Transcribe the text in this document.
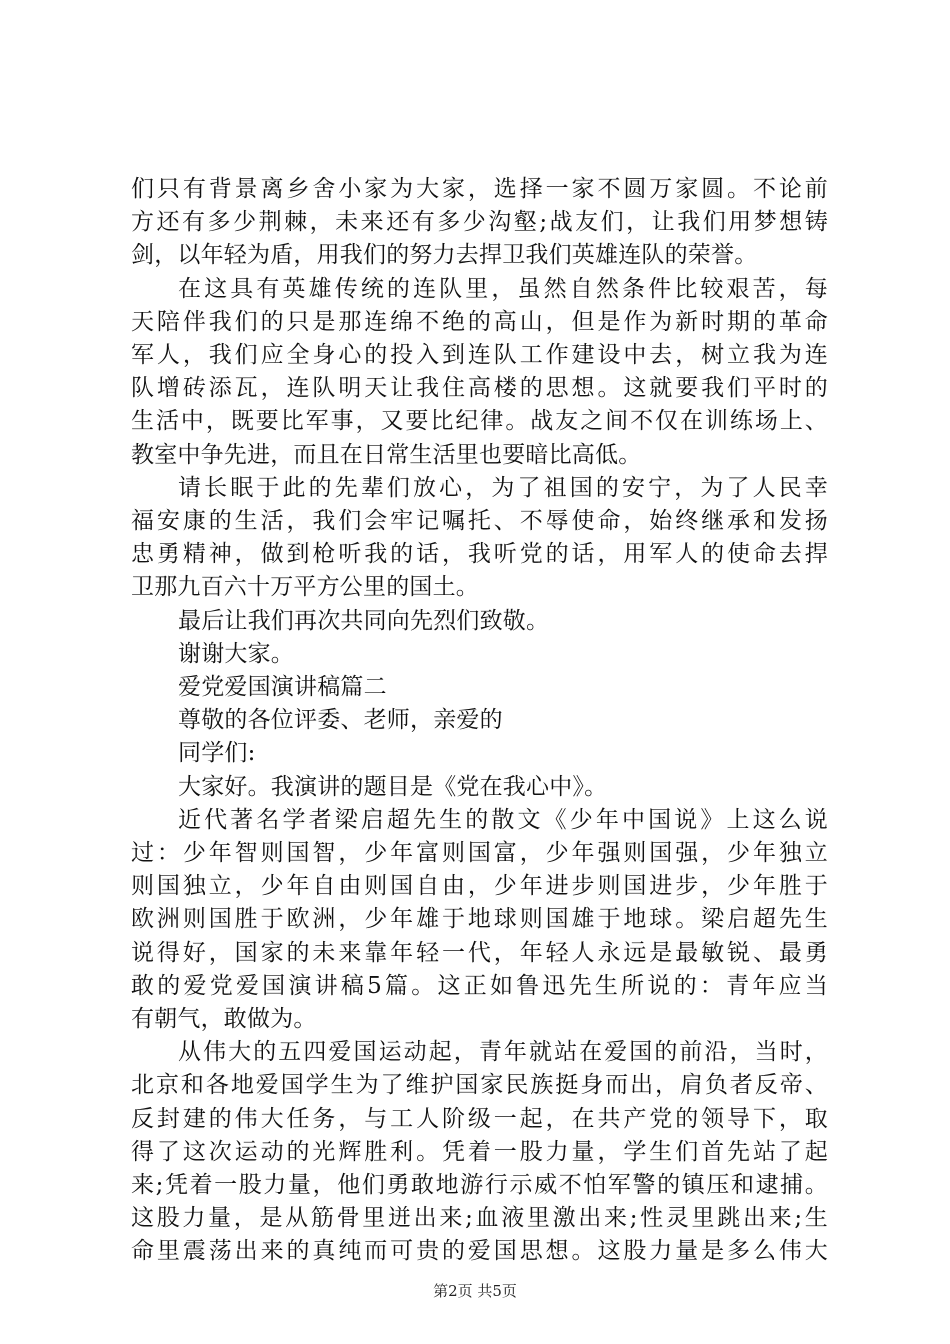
们只有背景离乡舍小家为大家，选择一家不圆万家圆。不论前
方还有多少荆棘，未来还有多少沟壑;战友们，让我们用梦想铸
剑，以年轻为盾，用我们的努力去捍卫我们英雄连队的荣誉。
在这具有英雄传统的连队里，虽然自然条件比较艰苦，每
天陪伴我们的只是那连绵不绝的高山，但是作为新时期的革命
军人，我们应全身心的投入到连队工作建设中去，树立我为连
队增砖添瓦，连队明天让我住高楼的思想。这就要我们平时的
生活中，既要比军事，又要比纪律。战友之间不仅在训练场上、
教室中争先进，而且在日常生活里也要暗比高低。
请长眠于此的先辈们放心，为了祖国的安宁，为了人民幸
福安康的生活，我们会牢记嘱托、不辱使命，始终继承和发扬
忠勇精神，做到枪听我的话，我听党的话，用军人的使命去捍
卫那九百六十万平方公里的国土。
最后让我们再次共同向先烈们致敬。
谢谢大家。
爱党爱国演讲稿篇二
尊敬的各位评委、老师，亲爱的
同学们:
大家好。我演讲的题目是《党在我心中》。
近代著名学者梁启超先生的散文《少年中国说》上这么说
过：少年智则国智，少年富则国富，少年强则国强，少年独立
则国独立，少年自由则国自由，少年进步则国进步，少年胜于
欧洲则国胜于欧洲，少年雄于地球则国雄于地球。梁启超先生
说得好，国家的未来靠年轻一代，年轻人永远是最敏锐、最勇
敢的爱党爱国演讲稿5篇。这正如鲁迅先生所说的：青年应当
有朝气，敢做为。
从伟大的五四爱国运动起，青年就站在爱国的前沿，当时，
北京和各地爱国学生为了维护国家民族挺身而出，肩负者反帝、
反封建的伟大任务，与工人阶级一起，在共产党的领导下，取
得了这次运动的光辉胜利。凭着一股力量，学生们首先站了起
来;凭着一股力量，他们勇敢地游行示威不怕军警的镇压和逮捕。
这股力量，是从筋骨里迸出来;血液里激出来;性灵里跳出来;生
命里震荡出来的真纯而可贵的爱国思想。这股力量是多么伟大
第2页 共5页
